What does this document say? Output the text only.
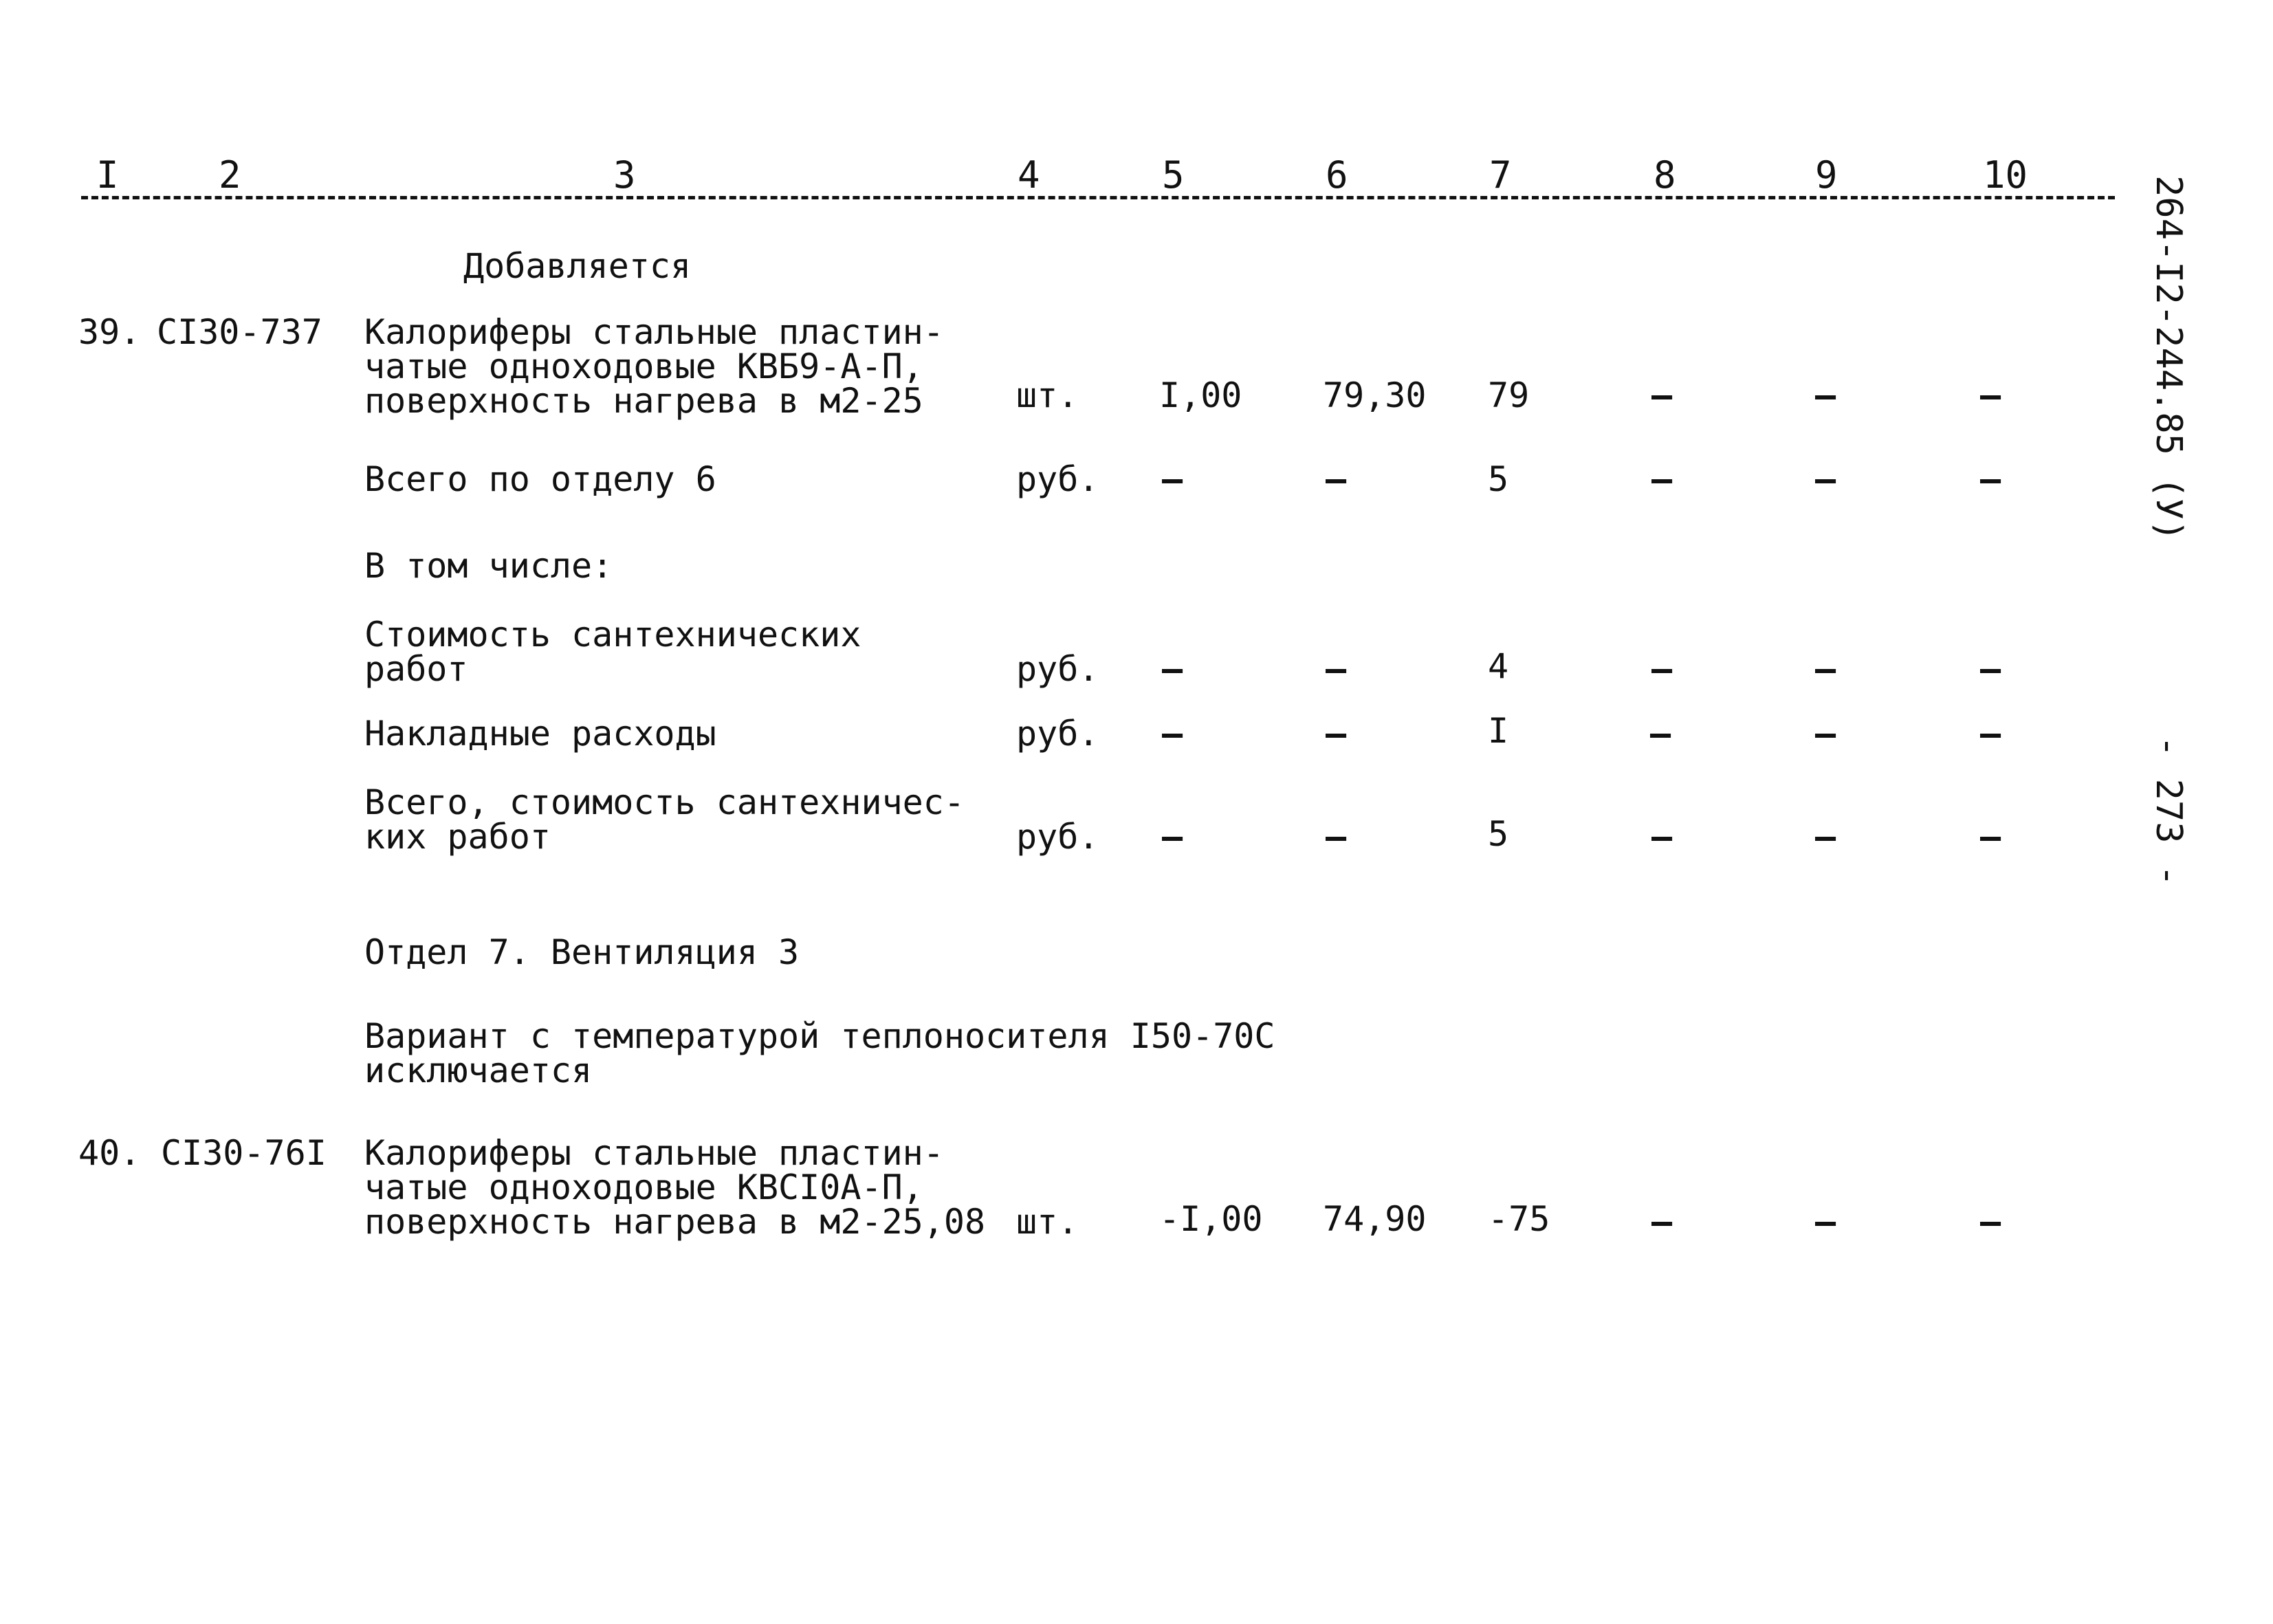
I	2	3	4	5	6	7	8	9	10
Добавляется
39. СI30-737 Калориферы стальные пластин-
чатые одноходовые КВБ9-А-П,
поверхность нагрева в м2-25	шт. I,00 79,30 79	–	–	–
Всего по отделу 6	руб. –	–	5	–	–	–
В том числе:
Стоимость сантехнических
работ	руб. –	–	4	–	–	–
Накладные расходы	руб. –	–	I	—	–	–
Всего, стоимость сантехничес-
ких работ	руб. –	–	5	–	–	–
Отдел 7. Вентиляция 3
Вариант с температурой теплоносителя I50-70С
исключается
40. СI30-76I Калориферы стальные пластин-
чатые одноходовые КВСI0А-П,
поверхность нагрева в м2-25,08 шт. -I,00 74,90 -75	–	–	–
264-I2-244.85 (У)
- 273 -
